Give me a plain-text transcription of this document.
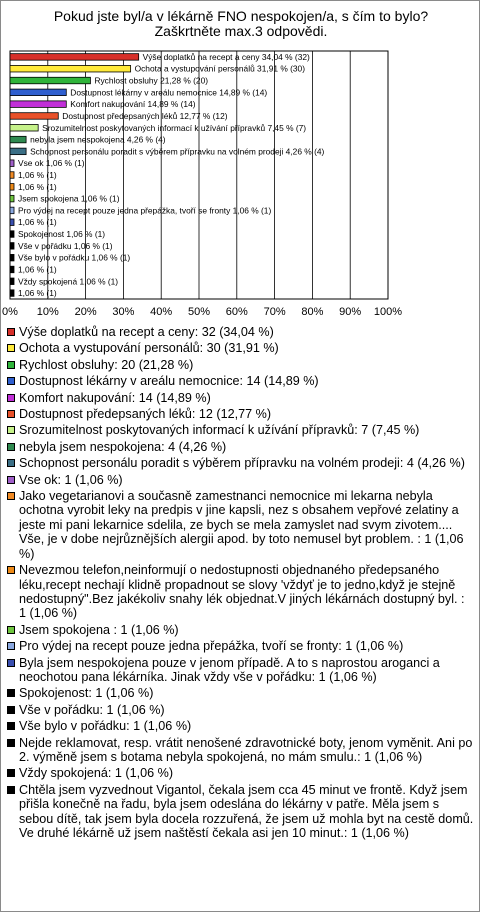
Pokud jste byl/a v lékárně FNO nespokojen/a, s čím to bylo?
Zaškrtněte max.3 odpovědi.
0% 10% 20% 30% 40% 50% 60% 70% 80% 90% 100%
Výše doplatků na recept a ceny 34,04 % (32)
Ochota a vystupování personálů 31,91 % (30)
Rychlost obsluhy 21,28 % (20)
Dostupnost lékárny v areálu nemocnice 14,89 % (14)
Komfort nakupování 14,89 % (14)
Dostupnost předepsaných léků 12,77 % (12)
Srozumitelnost poskytovaných informací k užívání přípravků 7,45 % (7)
nebyla jsem nespokojena 4,26 % (4)
Schopnost personálu poradit s výběrem přípravku na volném prodeji 4,26 % (4)
Vse ok 1,06 % (1)
1,06 % (1)
1,06 % (1)
Jsem spokojena 1,06 % (1)
Pro výdej na recept pouze jedna přepážka, tvoří se fronty 1,06 % (1)
1,06 % (1)
Spokojenost 1,06 % (1)
Vše v pořádku 1,06 % (1)
Vše bylo v pořádku 1,06 % (1)
1,06 % (1)
Vždy spokojená 1,06 % (1)
1,06 % (1)
Výše doplatků na recept a ceny: 32 (34,04 %)
Ochota a vystupování personálů: 30 (31,91 %)
Rychlost obsluhy: 20 (21,28 %)
Dostupnost lékárny v areálu nemocnice: 14 (14,89 %)
Komfort nakupování: 14 (14,89 %)
Dostupnost předepsaných léků: 12 (12,77 %)
Srozumitelnost poskytovaných informací k užívání přípravků: 7 (7,45 %)
nebyla jsem nespokojena: 4 (4,26 %)
Schopnost personálu poradit s výběrem přípravku na volném prodeji: 4 (4,26 %)
Vse ok: 1 (1,06 %)
Jako vegetarianovi a současně zamestnanci nemocnice mi lekarna nebyla ochotna vyrobit leky na predpis v jine kapsli, nez s obsahem vepřové zelatiny a jeste mi pani lekarnice sdelila, ze bych se mela zamyslet nad svym zivotem.... Vše, je v dobe nejrůznějších alergii apod. by toto nemusel byt problem. : 1 (1,06 %)
Nevezmou telefon,neinformují o nedostupnosti objednaného předepsaného léku,recept nechají klidně propadnout se slovy 'vždyť je to jedno,když je stejně nedostupný".Bez jakékoliv snahy lék objednat.V jiných lékárnách dostupný byl. : 1 (1,06 %)
Jsem spokojena : 1 (1,06 %)
Pro výdej na recept pouze jedna přepážka, tvoří se fronty: 1 (1,06 %)
Byla jsem nespokojena pouze v jenom případě. A to s naprostou aroganci a neochotou pana lékárníka. Jinak vždy vše v pořádku: 1 (1,06 %)
Spokojenost: 1 (1,06 %)
Vše v pořádku: 1 (1,06 %)
Vše bylo v pořádku: 1 (1,06 %)
Nejde reklamovat, resp. vrátit nenošené zdravotnické boty, jenom vyměnit. Ani po 2. výměně jsem s botama nebyla spokojená, no mám smulu.: 1 (1,06 %)
Vždy spokojená: 1 (1,06 %)
Chtěla jsem vyzvednout Vigantol, čekala jsem cca 45 minut ve frontě. Když jsem přišla konečně na řadu, byla jsem odeslána do lékárny v patře. Měla jsem s sebou dítě, tak jsem byla docela rozzuřená, že jsem už mohla byt na cestě domů. Ve druhé lékárně už jsem naštěstí čekala asi jen 10 minut.: 1 (1,06 %)
